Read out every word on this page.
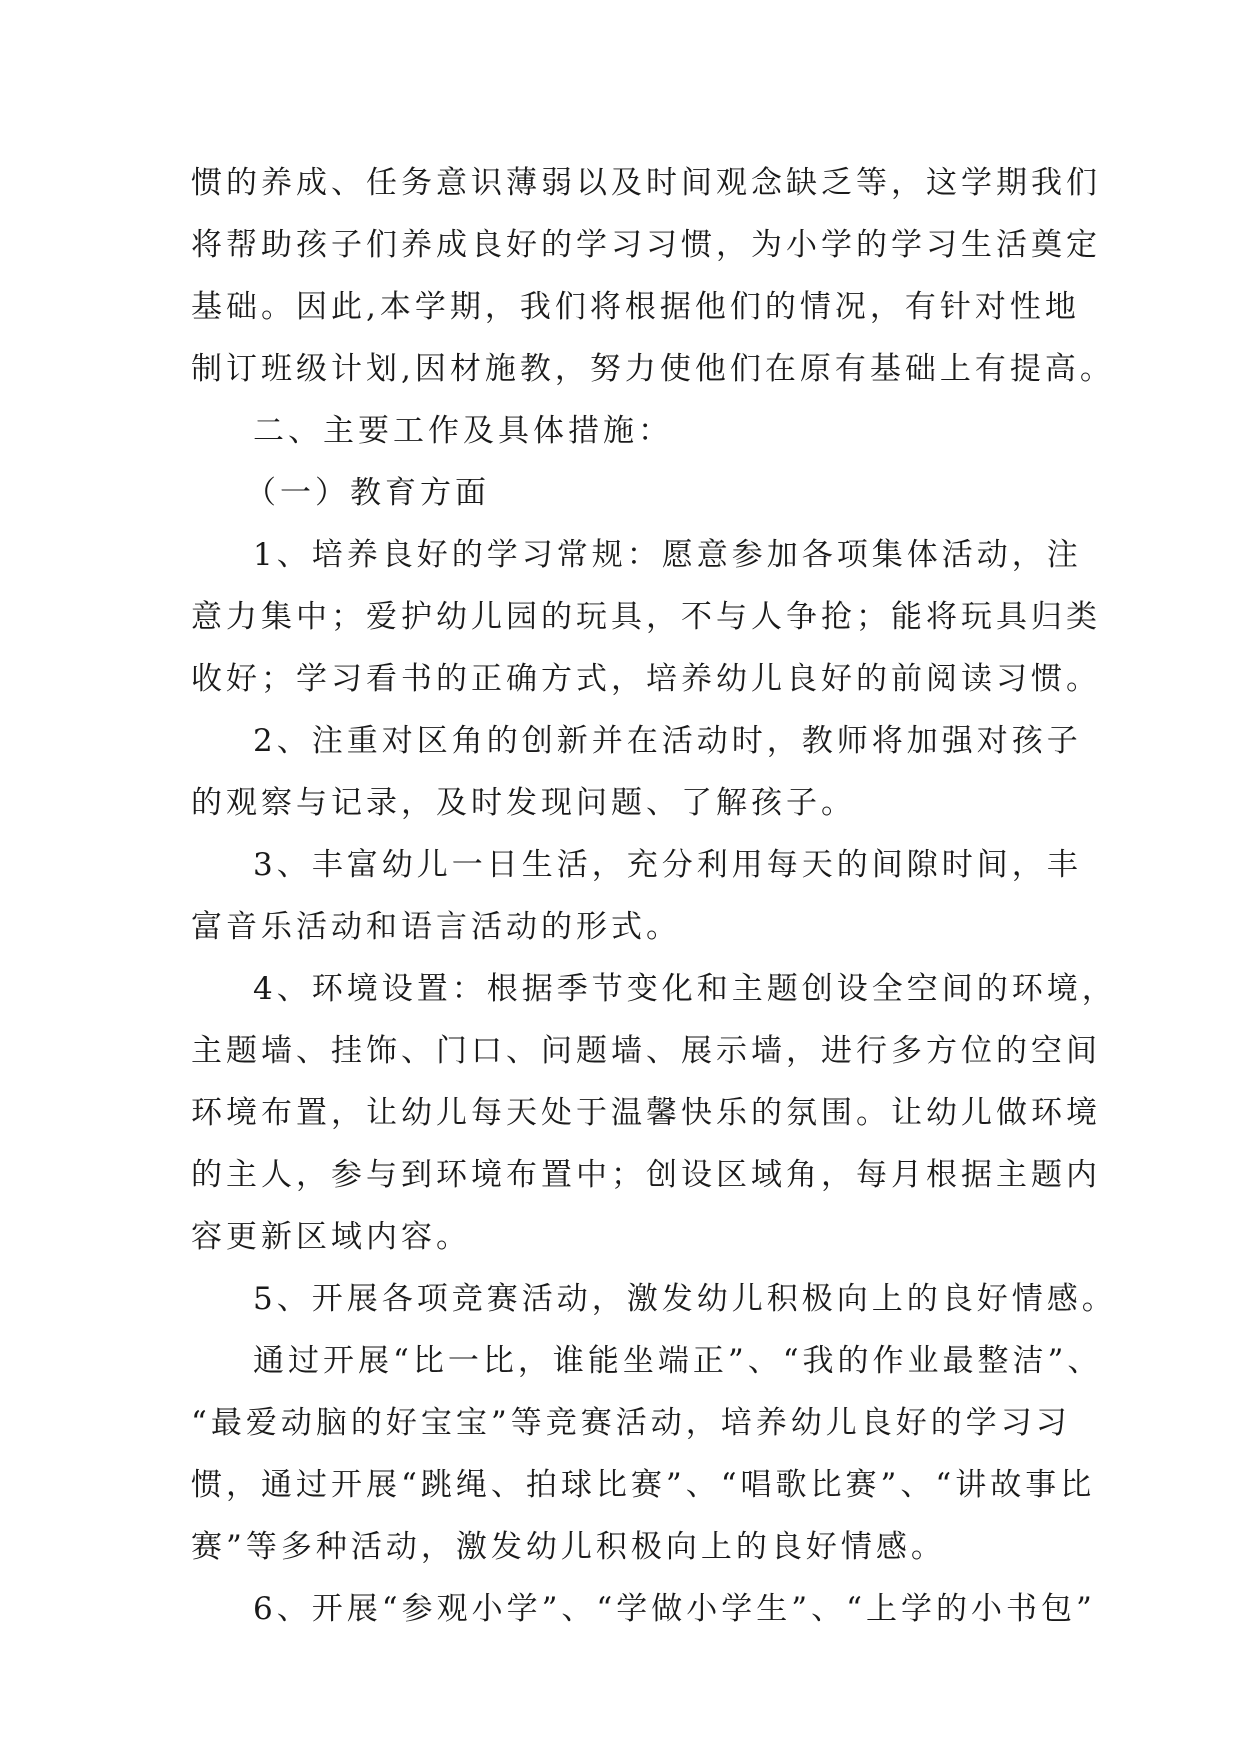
惯的养成、任务意识薄弱以及时间观念缺乏等，这学期我们
将帮助孩子们养成良好的学习习惯，为小学的学习生活奠定
基础。因此,本学期，我们将根据他们的情况，有针对性地
制订班级计划,因材施教，努力使他们在原有基础上有提高。
二、主要工作及具体措施：
（一）教育方面
1、培养良好的学习常规：愿意参加各项集体活动，注
意力集中；爱护幼儿园的玩具，不与人争抢；能将玩具归类
收好；学习看书的正确方式，培养幼儿良好的前阅读习惯。
2、注重对区角的创新并在活动时，教师将加强对孩子
的观察与记录，及时发现问题、了解孩子。
3、丰富幼儿一日生活，充分利用每天的间隙时间，丰
富音乐活动和语言活动的形式。
4、环境设置：根据季节变化和主题创设全空间的环境，
主题墙、挂饰、门口、问题墙、展示墙，进行多方位的空间
环境布置，让幼儿每天处于温馨快乐的氛围。让幼儿做环境
的主人，参与到环境布置中；创设区域角，每月根据主题内
容更新区域内容。
5、开展各项竞赛活动，激发幼儿积极向上的良好情感。
通过开展“比一比，谁能坐端正”、“我的作业最整洁”、
“最爱动脑的好宝宝”等竞赛活动，培养幼儿良好的学习习
惯，通过开展“跳绳、拍球比赛”、“唱歌比赛”、“讲故事比
赛”等多种活动，激发幼儿积极向上的良好情感。
6、开展“参观小学”、“学做小学生”、“上学的小书包”
